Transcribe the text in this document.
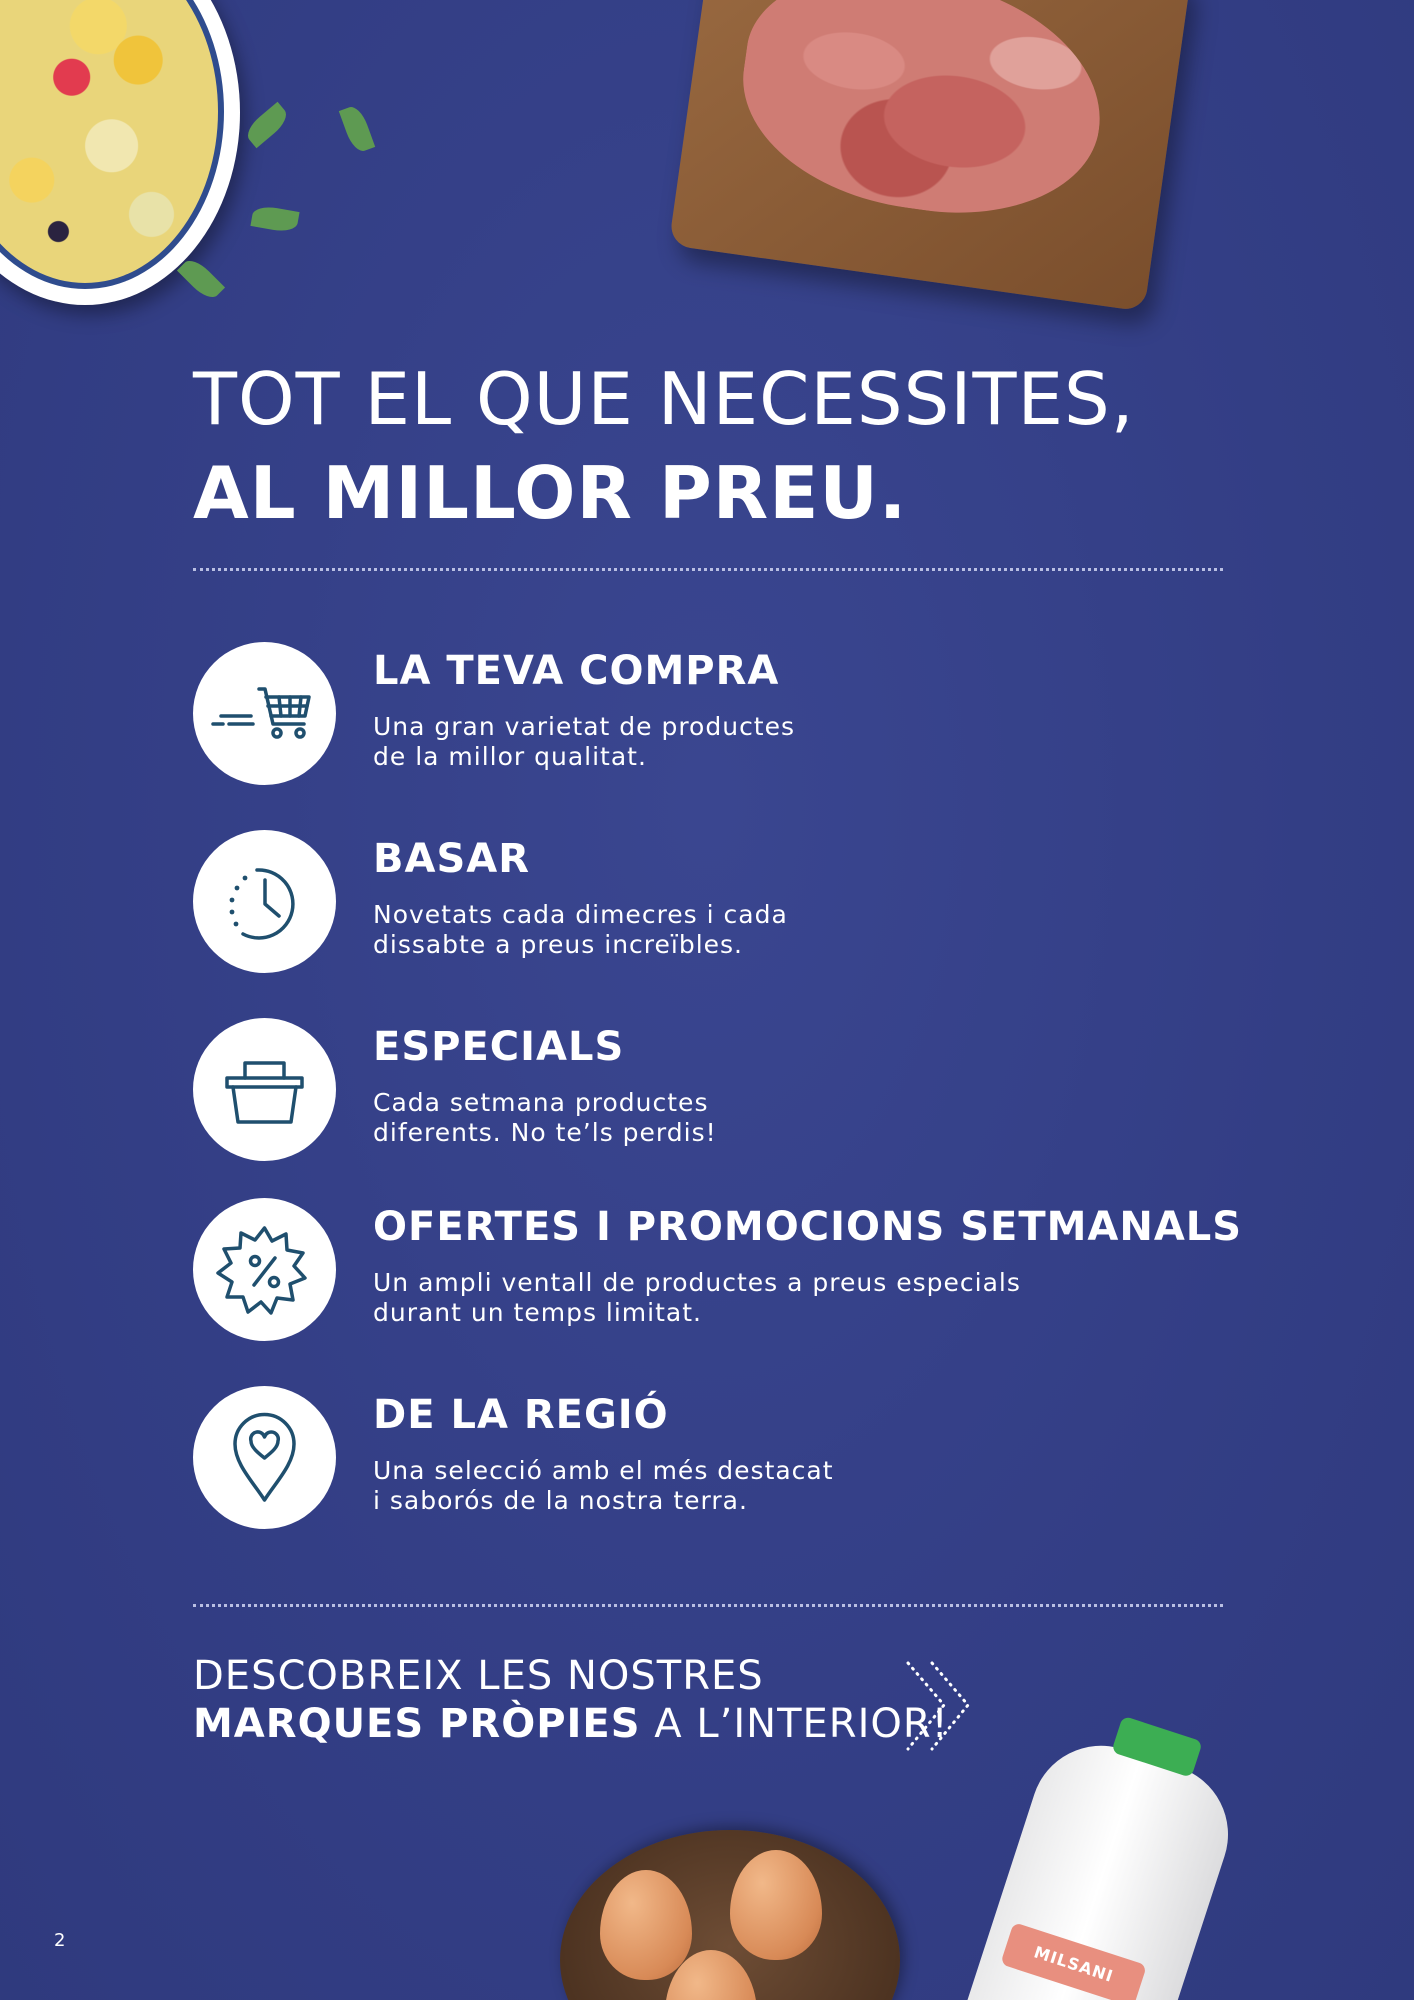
MILSANI
TOT EL QUE NECESSITES,
AL MILLOR PREU.
LA TEVA COMPRA

Una gran varietat de productes
de la millor qualitat.

BASAR

Novetats cada dimecres i cada
dissabte a preus increïbles.

ESPECIALS

Cada setmana productes
diferents. No te’ls perdis!

OFERTES I PROMOCIONS SETMANALS

Un ampli ventall de productes a preus especials
durant un temps limitat.

DE LA REGIÓ

Una selecció amb el més destacat
i saborós de la nostra terra.

DESCOBREIX LES NOSTRES
MARQUES PRÒPIES A L’INTERIOR!
2
